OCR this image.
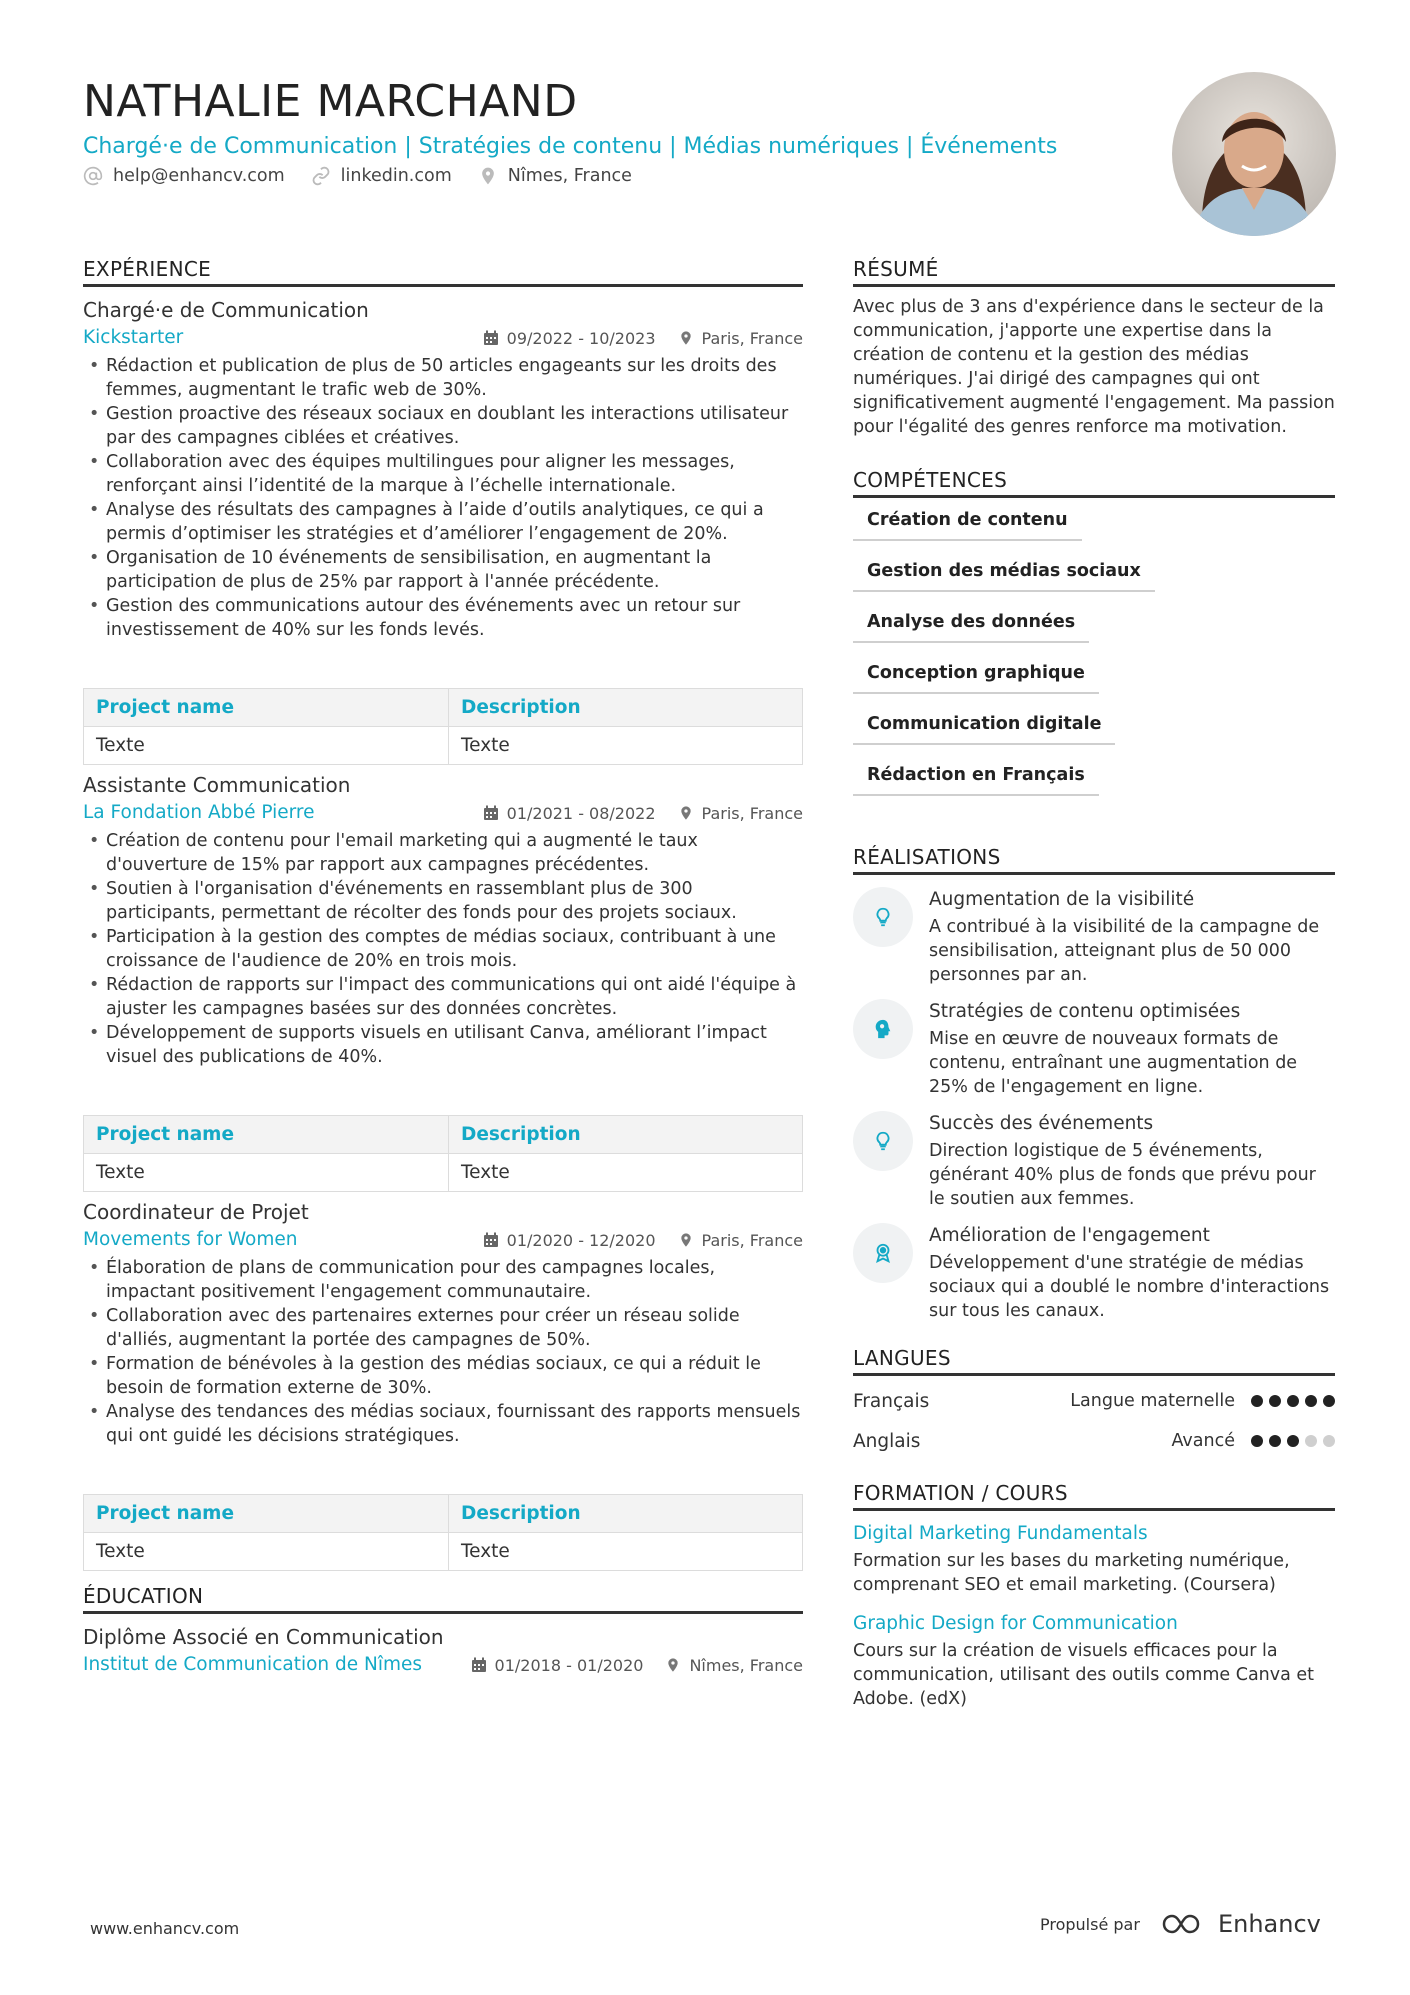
NATHALIE MARCHAND
Chargé·e de Communication | Stratégies de contenu | Médias numériques | Événements
help@enhancv.com	linkedin.com	Nîmes, France
EXPÉRIENCE
Chargé·e de Communication
Kickstarter	09/2022 - 10/2023	Paris, France
• Rédaction et publication de plus de 50 articles engageants sur les droits des femmes, augmentant le trafic web de 30%.
• Gestion proactive des réseaux sociaux en doublant les interactions utilisateur par des campagnes ciblées et créatives.
• Collaboration avec des équipes multilingues pour aligner les messages, renforçant ainsi l’identité de la marque à l’échelle internationale.
• Analyse des résultats des campagnes à l’aide d’outils analytiques, ce qui a permis d’optimiser les stratégies et d’améliorer l’engagement de 20%.
• Organisation de 10 événements de sensibilisation, en augmentant la participation de plus de 25% par rapport à l'année précédente.
• Gestion des communications autour des événements avec un retour sur investissement de 40% sur les fonds levés.
Project name	Description
Texte	Texte
Assistante Communication
La Fondation Abbé Pierre	01/2021 - 08/2022	Paris, France
• Création de contenu pour l'email marketing qui a augmenté le taux d'ouverture de 15% par rapport aux campagnes précédentes.
• Soutien à l'organisation d'événements en rassemblant plus de 300 participants, permettant de récolter des fonds pour des projets sociaux.
• Participation à la gestion des comptes de médias sociaux, contribuant à une croissance de l'audience de 20% en trois mois.
• Rédaction de rapports sur l'impact des communications qui ont aidé l'équipe à ajuster les campagnes basées sur des données concrètes.
• Développement de supports visuels en utilisant Canva, améliorant l’impact visuel des publications de 40%.
Project name	Description
Texte	Texte
Coordinateur de Projet
Movements for Women	01/2020 - 12/2020	Paris, France
• Élaboration de plans de communication pour des campagnes locales, impactant positivement l'engagement communautaire.
• Collaboration avec des partenaires externes pour créer un réseau solide d'alliés, augmentant la portée des campagnes de 50%.
• Formation de bénévoles à la gestion des médias sociaux, ce qui a réduit le besoin de formation externe de 30%.
• Analyse des tendances des médias sociaux, fournissant des rapports mensuels qui ont guidé les décisions stratégiques.
Project name	Description
Texte	Texte
ÉDUCATION
Diplôme Associé en Communication
Institut de Communication de Nîmes	01/2018 - 01/2020	Nîmes, France
RÉSUMÉ
Avec plus de 3 ans d'expérience dans le secteur de la communication, j'apporte une expertise dans la création de contenu et la gestion des médias numériques. J'ai dirigé des campagnes qui ont significativement augmenté l'engagement. Ma passion pour l'égalité des genres renforce ma motivation.
COMPÉTENCES
Création de contenu
Gestion des médias sociaux
Analyse des données
Conception graphique
Communication digitale
Rédaction en Français
RÉALISATIONS
Augmentation de la visibilité
A contribué à la visibilité de la campagne de sensibilisation, atteignant plus de 50 000 personnes par an.
Stratégies de contenu optimisées
Mise en œuvre de nouveaux formats de contenu, entraînant une augmentation de 25% de l'engagement en ligne.
Succès des événements
Direction logistique de 5 événements, générant 40% plus de fonds que prévu pour le soutien aux femmes.
Amélioration de l'engagement
Développement d'une stratégie de médias sociaux qui a doublé le nombre d'interactions sur tous les canaux.
LANGUES
Français	Langue maternelle
Anglais	Avancé
FORMATION / COURS
Digital Marketing Fundamentals
Formation sur les bases du marketing numérique, comprenant SEO et email marketing. (Coursera)
Graphic Design for Communication
Cours sur la création de visuels efficaces pour la communication, utilisant des outils comme Canva et Adobe. (edX)
www.enhancv.com	Propulsé par	Enhancv
